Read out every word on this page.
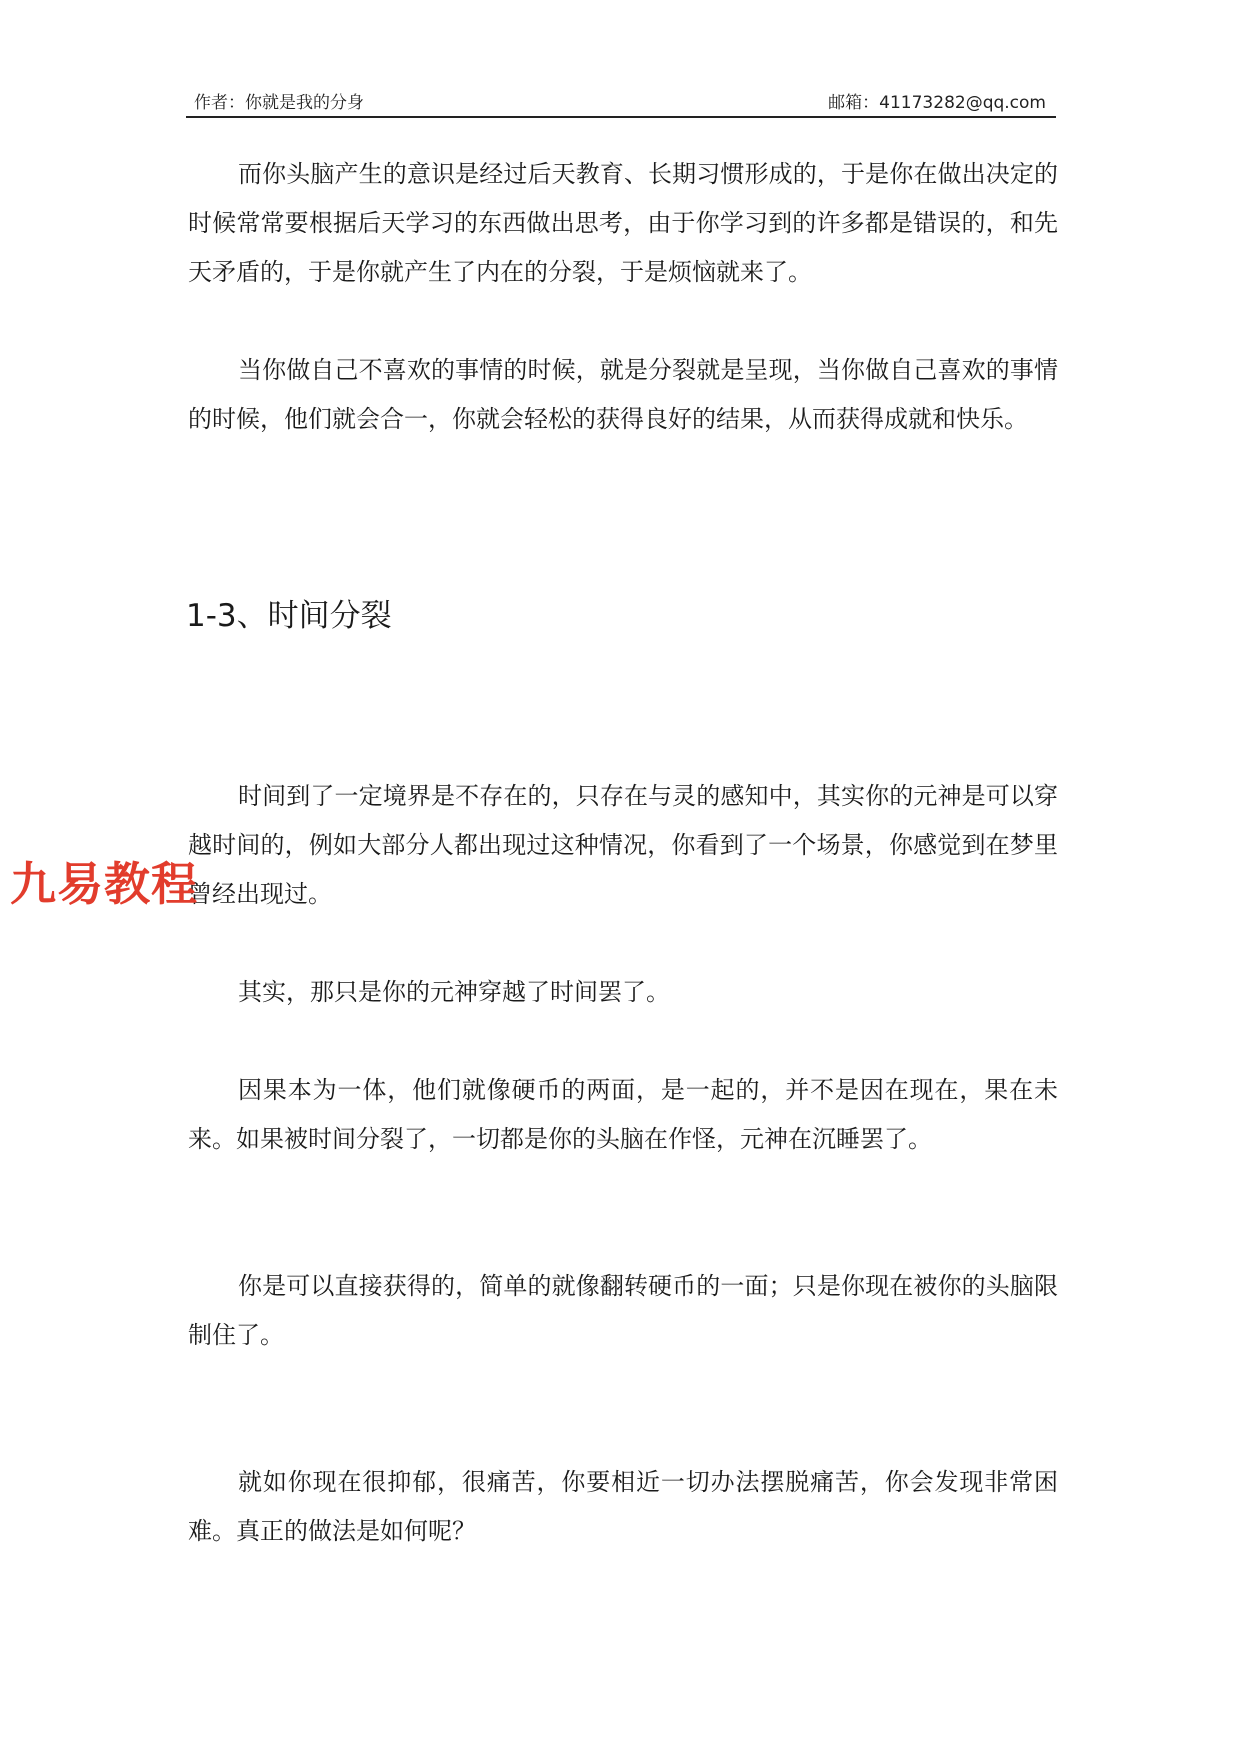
作者：你就是我的分身	邮箱：41173282@qq.com

而你头脑产生的意识是经过后天教育、长期习惯形成的，于是你在做出决定的时候常常要根据后天学习的东西做出思考，由于你学习到的许多都是错误的，和先天矛盾的，于是你就产生了内在的分裂，于是烦恼就来了。

当你做自己不喜欢的事情的时候，就是分裂就是呈现，当你做自己喜欢的事情的时候，他们就会合一，你就会轻松的获得良好的结果，从而获得成就和快乐。

1-3、时间分裂

时间到了一定境界是不存在的，只存在与灵的感知中，其实你的元神是可以穿越时间的，例如大部分人都出现过这种情况，你看到了一个场景，你感觉到在梦里曾经出现过。

其实，那只是你的元神穿越了时间罢了。

因果本为一体，他们就像硬币的两面，是一起的，并不是因在现在，果在未来。如果被时间分裂了，一切都是你的头脑在作怪，元神在沉睡罢了。

你是可以直接获得的，简单的就像翻转硬币的一面；只是你现在被你的头脑限制住了。

就如你现在很抑郁，很痛苦，你要相近一切办法摆脱痛苦，你会发现非常困难。真正的做法是如何呢？

九易教程
